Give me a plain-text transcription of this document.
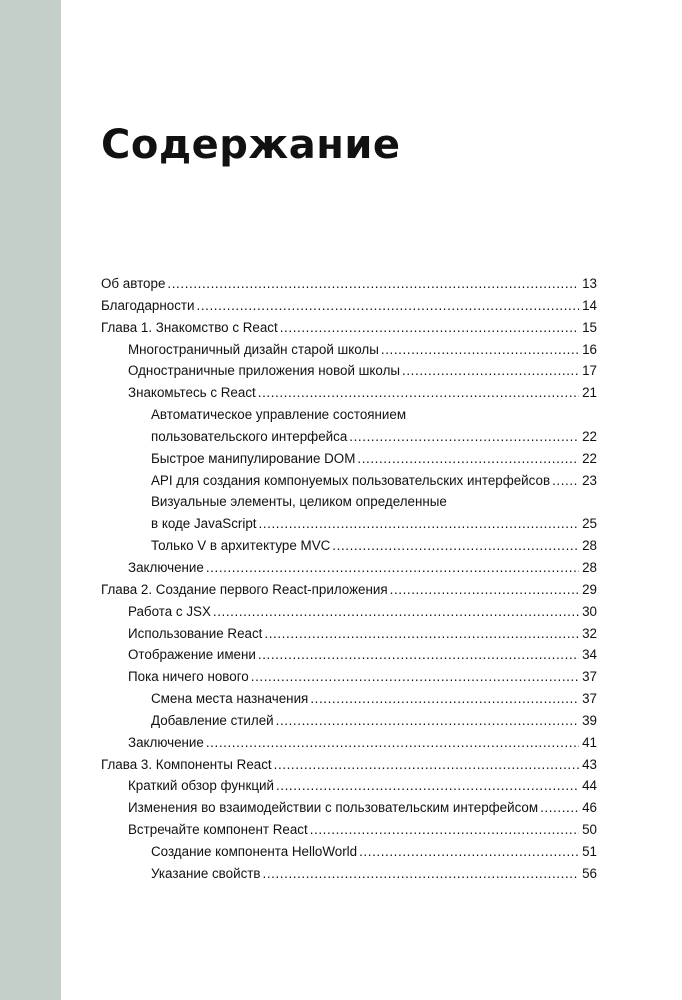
Содержание
Об авторе .....	13
Благодарности .....	14
Глава 1. Знакомство с React .....	15
Многостраничный дизайн старой школы .....	16
Одностраничные приложения новой школы .....	17
Знакомьтесь с React .....	21
Автоматическое управление состоянием
пользовательского интерфейса .....	22
Быстрое манипулирование DOM .....	22
API для создания компонуемых пользовательских интерфейсов ..... 23
Визуальные элементы, целиком определенные
в коде JavaScript .....	25
Только V в архитектуре MVC .....	28
Заключение .....	28
Глава 2. Создание первого React-приложения .....	29
Работа с JSX .....	30
Использование React .....	32
Отображение имени .....	34
Пока ничего нового .....	37
Смена места назначения .....	37
Добавление стилей .....	39
Заключение .....	41
Глава 3. Компоненты React .....	43
Краткий обзор функций .....	44
Изменения во взаимодействии с пользовательским интерфейсом .....	46
Встречайте компонент React .....	50
Создание компонента HelloWorld .....	51
Указание свойств .....	56
